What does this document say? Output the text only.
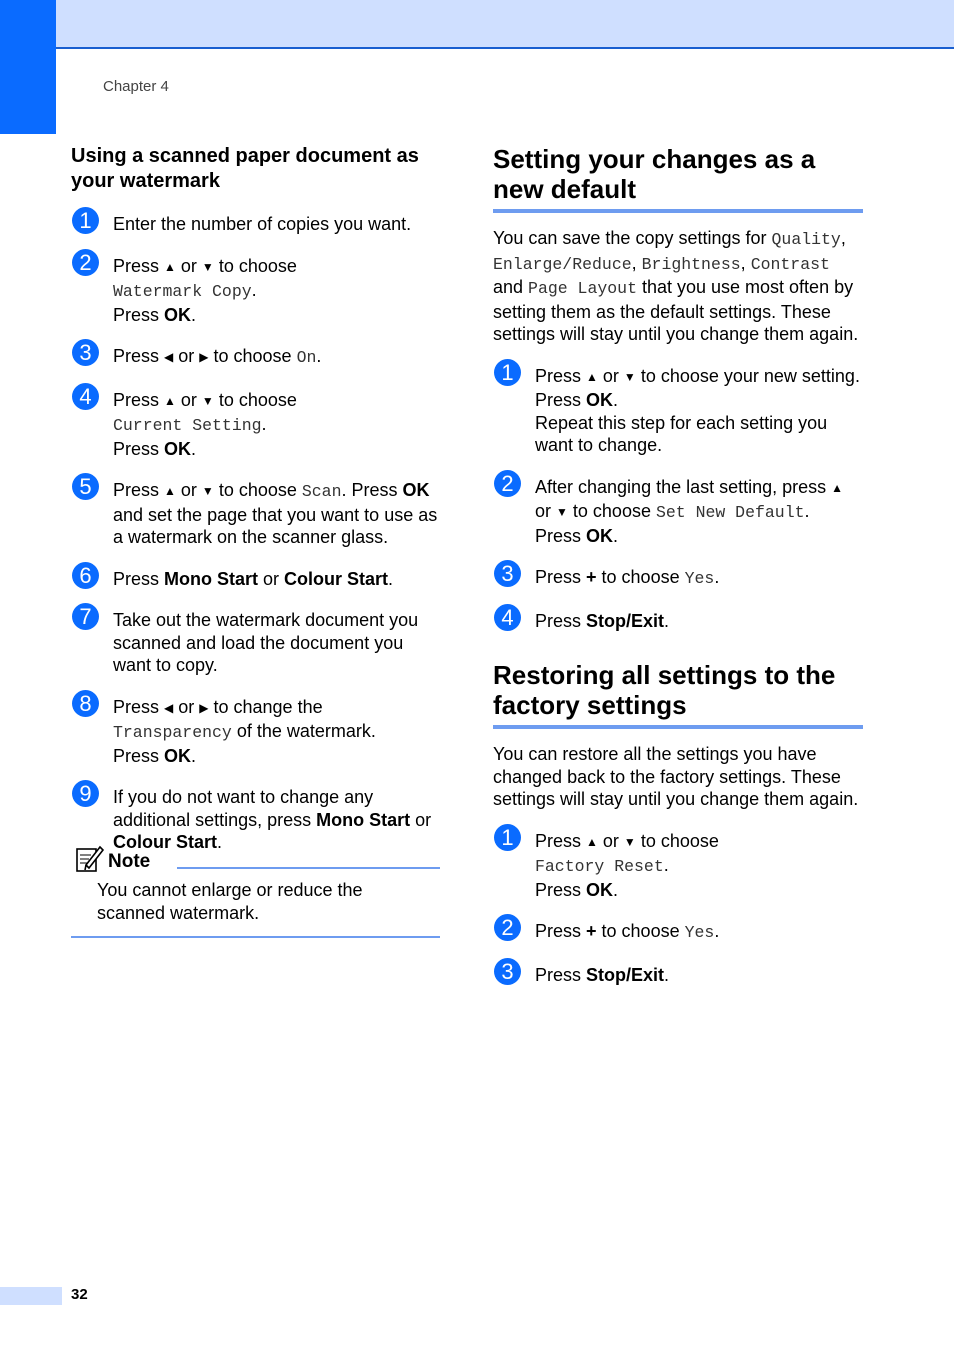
Chapter 4
Using a scanned paper document as your watermark
1	Enter the number of copies you want.
2	Press ▲ or ▼ to choose
Watermark Copy.
Press OK.
3	Press ◀ or ▶ to choose On.
4	Press ▲ or ▼ to choose
Current Setting.
Press OK.
5	Press ▲ or ▼ to choose Scan. Press OK and set the page that you want to use as a watermark on the scanner glass.
6	Press Mono Start or Colour Start.
7	Take out the watermark document you scanned and load the document you want to copy.
8	Press ◀ or ▶ to change the
Transparency of the watermark.
Press OK.
9	If you do not want to change any additional settings, press Mono Start or Colour Start.
Note
You cannot enlarge or reduce the scanned watermark.
Setting your changes as a new default
You can save the copy settings for Quality, Enlarge/Reduce, Brightness, Contrast and Page Layout that you use most often by setting them as the default settings. These settings will stay until you change them again.
1	Press ▲ or ▼ to choose your new setting.
Press OK.
Repeat this step for each setting you want to change.
2	After changing the last setting, press ▲ or ▼ to choose Set New Default.
Press OK.
3	Press + to choose Yes.
4	Press Stop/Exit.
Restoring all settings to the factory settings
You can restore all the settings you have changed back to the factory settings. These settings will stay until you change them again.
1	Press ▲ or ▼ to choose
Factory Reset.
Press OK.
2	Press + to choose Yes.
3	Press Stop/Exit.
32
